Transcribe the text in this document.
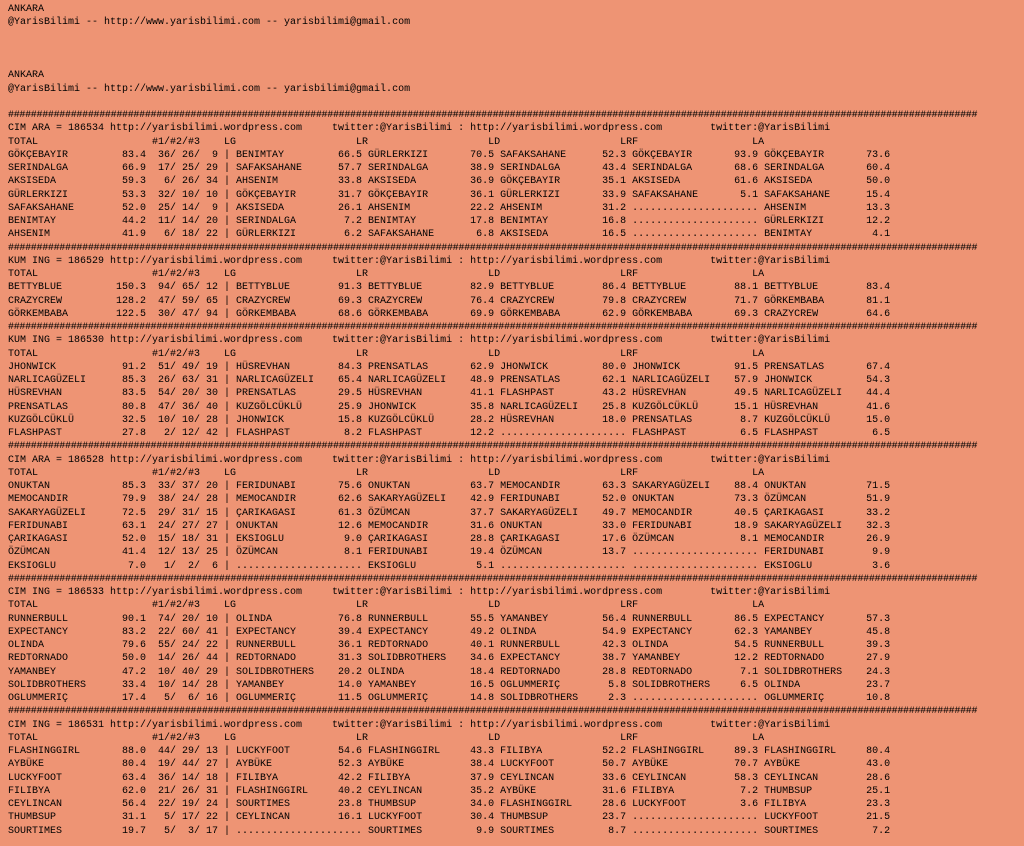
ANKARA
@YarisBilimi -- http://www.yarisbilimi.com -- yarisbilimi@gmail.com
ANKARA
@YarisBilimi -- http://www.yarisbilimi.com -- yarisbilimi@gmail.com
##########################################################################################################################################################################
CIM ARA = 186534 http://yarisbilimi.wordpress.com     twitter:@YarisBilimi : http://yarisbilimi.wordpress.com        twitter:@YarisBilimi
TOTAL                   #1/#2/#3    LG                    LR                    LD                    LRF                   LA
GÖKÇEBAYIR         83.4  36/ 26/  9 | BENIMTAY         66.5 GÜRLERKIZI       70.5 SAFAKSAHANE      52.3 GÖKÇEBAYIR       93.9 GÖKÇEBAYIR       73.6
SERINDALGA         66.9  17/ 25/ 29 | SAFAKSAHANE      57.7 SERINDALGA       38.9 SERINDALGA       43.4 SERINDALGA       68.6 SERINDALGA       60.4
AKSISEDA           59.3   6/ 26/ 34 | AHSENIM          33.8 AKSISEDA         36.9 GÖKÇEBAYIR       35.1 AKSISEDA         61.6 AKSISEDA         50.0
GÜRLERKIZI         53.3  32/ 10/ 10 | GÖKÇEBAYIR       31.7 GÖKÇEBAYIR       36.1 GÜRLERKIZI       33.9 SAFAKSAHANE       5.1 SAFAKSAHANE      15.4
SAFAKSAHANE        52.0  25/ 14/  9 | AKSISEDA         26.1 AHSENIM          22.2 AHSENIM          31.2 ..................... AHSENIM          13.3
BENIMTAY           44.2  11/ 14/ 20 | SERINDALGA        7.2 BENIMTAY         17.8 BENIMTAY         16.8 ..................... GÜRLERKIZI       12.2
AHSENIM            41.9   6/ 18/ 22 | GÜRLERKIZI        6.2 SAFAKSAHANE       6.8 AKSISEDA         16.5 ..................... BENIMTAY          4.1
##########################################################################################################################################################################
KUM ING = 186529 http://yarisbilimi.wordpress.com     twitter:@YarisBilimi : http://yarisbilimi.wordpress.com        twitter:@YarisBilimi
TOTAL                   #1/#2/#3    LG                    LR                    LD                    LRF                   LA
BETTYBLUE         150.3  94/ 65/ 12 | BETTYBLUE        91.3 BETTYBLUE        82.9 BETTYBLUE        86.4 BETTYBLUE        88.1 BETTYBLUE        83.4
CRAZYCREW         128.2  47/ 59/ 65 | CRAZYCREW        69.3 CRAZYCREW        76.4 CRAZYCREW        79.8 CRAZYCREW        71.7 GÖRKEMBABA       81.1
GÖRKEMBABA        122.5  30/ 47/ 94 | GÖRKEMBABA       68.6 GÖRKEMBABA       69.9 GÖRKEMBABA       62.9 GÖRKEMBABA       69.3 CRAZYCREW        64.6
##########################################################################################################################################################################
KUM ING = 186530 http://yarisbilimi.wordpress.com     twitter:@YarisBilimi : http://yarisbilimi.wordpress.com        twitter:@YarisBilimi
TOTAL                   #1/#2/#3    LG                    LR                    LD                    LRF                   LA
JHONWICK           91.2  51/ 49/ 19 | HÜSREVHAN        84.3 PRENSATLAS       62.9 JHONWICK         80.0 JHONWICK         91.5 PRENSATLAS       67.4
NARLICAGÜZELI      85.3  26/ 63/ 31 | NARLICAGÜZELI    65.4 NARLICAGÜZELI    48.9 PRENSATLAS       62.1 NARLICAGÜZELI    57.9 JHONWICK         54.3
HÜSREVHAN          83.5  54/ 20/ 30 | PRENSATLAS       29.5 HÜSREVHAN        41.1 FLASHPAST        43.2 HÜSREVHAN        49.5 NARLICAGÜZELI    44.4
PRENSATLAS         80.8  47/ 36/ 40 | KUZGÖLCÜKLÜ      25.9 JHONWICK         35.8 NARLICAGÜZELI    25.8 KUZGÖLCÜKLÜ      15.1 HÜSREVHAN        41.6
KUZGÖLCÜKLÜ        32.5  10/ 10/ 28 | JHONWICK         15.8 KUZGÖLCÜKLÜ      28.2 HÜSREVHAN        18.0 PRENSATLAS        8.7 KUZGÖLCÜKLÜ      15.0
FLASHPAST          27.8   2/ 12/ 42 | FLASHPAST         8.2 FLASHPAST        12.2 ..................... FLASHPAST         6.5 FLASHPAST         6.5
##########################################################################################################################################################################
CIM ARA = 186528 http://yarisbilimi.wordpress.com     twitter:@YarisBilimi : http://yarisbilimi.wordpress.com        twitter:@YarisBilimi
TOTAL                   #1/#2/#3    LG                    LR                    LD                    LRF                   LA
ONUKTAN            85.3  33/ 37/ 20 | FERIDUNABI       75.6 ONUKTAN          63.7 MEMOCANDIR       63.3 SAKARYAGÜZELI    88.4 ONUKTAN          71.5
MEMOCANDIR         79.9  38/ 24/ 28 | MEMOCANDIR       62.6 SAKARYAGÜZELI    42.9 FERIDUNABI       52.0 ONUKTAN          73.3 ÖZÜMCAN          51.9
SAKARYAGÜZELI      72.5  29/ 31/ 15 | ÇARIKAGASI       61.3 ÖZÜMCAN          37.7 SAKARYAGÜZELI    49.7 MEMOCANDIR       40.5 ÇARIKAGASI       33.2
FERIDUNABI         63.1  24/ 27/ 27 | ONUKTAN          12.6 MEMOCANDIR       31.6 ONUKTAN          33.0 FERIDUNABI       18.9 SAKARYAGÜZELI    32.3
ÇARIKAGASI         52.0  15/ 18/ 31 | EKSIOGLU          9.0 ÇARIKAGASI       28.8 ÇARIKAGASI       17.6 ÖZÜMCAN           8.1 MEMOCANDIR       26.9
ÖZÜMCAN            41.4  12/ 13/ 25 | ÖZÜMCAN           8.1 FERIDUNABI       19.4 ÖZÜMCAN          13.7 ..................... FERIDUNABI        9.9
EKSIOGLU            7.0   1/  2/  6 | ..................... EKSIOGLU          5.1 ..................... ..................... EKSIOGLU          3.6
##########################################################################################################################################################################
CIM ING = 186533 http://yarisbilimi.wordpress.com     twitter:@YarisBilimi : http://yarisbilimi.wordpress.com        twitter:@YarisBilimi
TOTAL                   #1/#2/#3    LG                    LR                    LD                    LRF                   LA
RUNNERBULL         90.1  74/ 20/ 10 | OLINDA           76.8 RUNNERBULL       55.5 YAMANBEY         56.4 RUNNERBULL       86.5 EXPECTANCY       57.3
EXPECTANCY         83.2  22/ 60/ 41 | EXPECTANCY       39.4 EXPECTANCY       49.2 OLINDA           54.9 EXPECTANCY       62.3 YAMANBEY         45.8
OLINDA             79.6  55/ 24/ 22 | RUNNERBULL       36.1 REDTORNADO       40.1 RUNNERBULL       42.3 OLINDA           54.5 RUNNERBULL       39.3
REDTORNADO         50.0  14/ 26/ 44 | REDTORNADO       31.3 SOLIDBROTHERS    34.6 EXPECTANCY       38.7 YAMANBEY         12.2 REDTORNADO       27.9
YAMANBEY           47.2  10/ 40/ 29 | SOLIDBROTHERS    20.2 OLINDA           18.4 REDTORNADO       28.8 REDTORNADO        7.1 SOLIDBROTHERS    24.3
SOLIDBROTHERS      33.4  10/ 14/ 28 | YAMANBEY         14.0 YAMANBEY         16.5 OGLUMMERIÇ        5.8 SOLIDBROTHERS     6.5 OLINDA           23.7
OGLUMMERIÇ         17.4   5/  6/ 16 | OGLUMMERIÇ       11.5 OGLUMMERIÇ       14.8 SOLIDBROTHERS     2.3 ..................... OGLUMMERIÇ       10.8
##########################################################################################################################################################################
CIM ING = 186531 http://yarisbilimi.wordpress.com     twitter:@YarisBilimi : http://yarisbilimi.wordpress.com        twitter:@YarisBilimi
TOTAL                   #1/#2/#3    LG                    LR                    LD                    LRF                   LA
FLASHINGGIRL       88.0  44/ 29/ 13 | LUCKYFOOT        54.6 FLASHINGGIRL     43.3 FILIBYA          52.2 FLASHINGGIRL     89.3 FLASHINGGIRL     80.4
AYBÜKE             80.4  19/ 44/ 27 | AYBÜKE           52.3 AYBÜKE           38.4 LUCKYFOOT        50.7 AYBÜKE           70.7 AYBÜKE           43.0
LUCKYFOOT          63.4  36/ 14/ 18 | FILIBYA          42.2 FILIBYA          37.9 CEYLINCAN        33.6 CEYLINCAN        58.3 CEYLINCAN        28.6
FILIBYA            62.0  21/ 26/ 31 | FLASHINGGIRL     40.2 CEYLINCAN        35.2 AYBÜKE           31.6 FILIBYA           7.2 THUMBSUP         25.1
CEYLINCAN          56.4  22/ 19/ 24 | SOURTIMES        23.8 THUMBSUP         34.0 FLASHINGGIRL     28.6 LUCKYFOOT         3.6 FILIBYA          23.3
THUMBSUP           31.1   5/ 17/ 22 | CEYLINCAN        16.1 LUCKYFOOT        30.4 THUMBSUP         23.7 ..................... LUCKYFOOT        21.5
SOURTIMES          19.7   5/  3/ 17 | ..................... SOURTIMES         9.9 SOURTIMES         8.7 ..................... SOURTIMES         7.2
